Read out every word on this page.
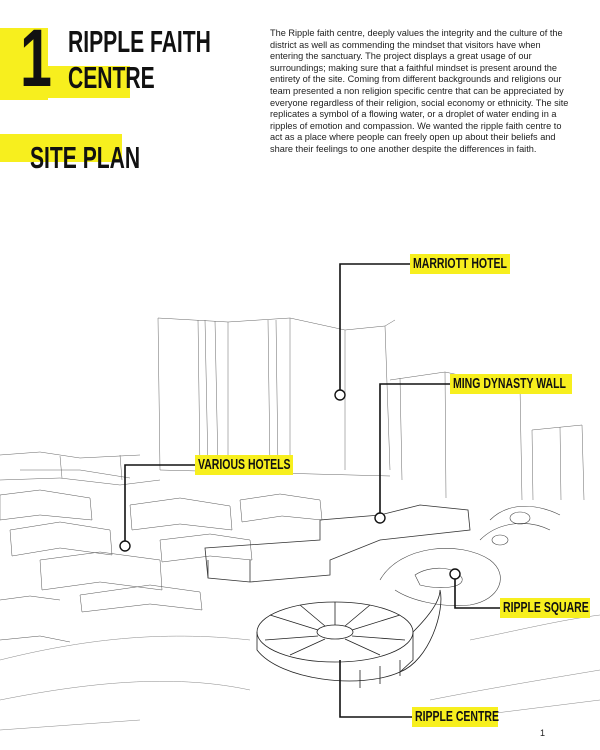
1 RIPPLE FAITH
CENTRE
SITE PLAN

The Ripple faith centre, deeply values the integrity and the culture of the district as well as commending the mindset that visitors have when entering the sanctuary. The project displays a great usage of our surroundings; making sure that a faithful mindset is present around the entirety of the site. Coming from different backgrounds and religions our team presented a non religion specific centre that can be appreciated by everyone regardless of their religion, social economy or ethnicity. The site replicates a symbol of a flowing water, or a droplet of water ending in a ripples of emotion and compassion. We wanted the ripple faith centre to act as a place where people can freely open up about their beliefs and share their feelings to one another despite the differences in faith.

MARRIOTT HOTEL
MING DYNASTY WALL
VARIOUS HOTELS
RIPPLE SQUARE
RIPPLE CENTRE
1
